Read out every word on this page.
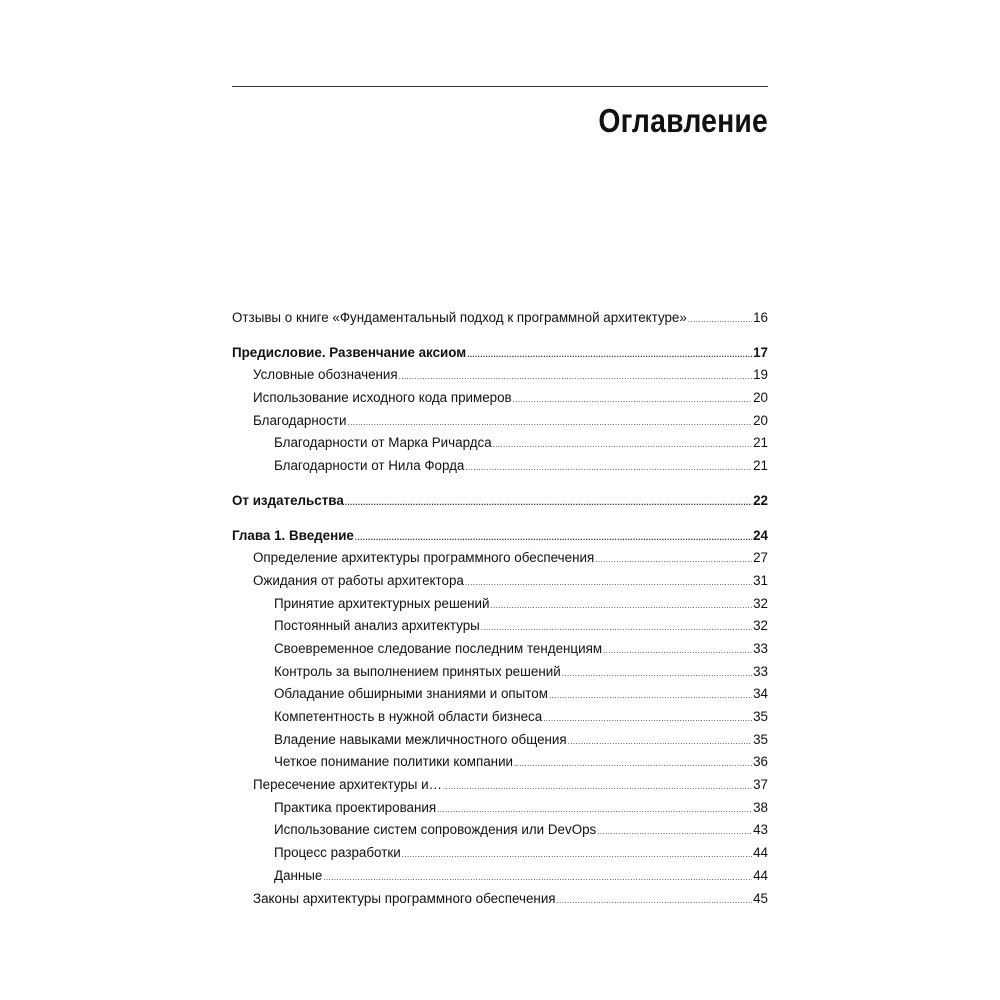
Оглавление
Отзывы о книге «Фундаментальный подход к программной архитектуре» .....	16
Предисловие. Развенчание аксиом .....	17
Условные обозначения .....	19
Использование исходного кода примеров .....	20
Благодарности .....	20
Благодарности от Марка Ричардса .....	21
Благодарности от Нила Форда .....	21
От издательства .....	22
Глава 1. Введение .....	24
Определение архитектуры программного обеспечения .....	27
Ожидания от работы архитектора .....	31
Принятие архитектурных решений .....	32
Постоянный анализ архитектуры .....	32
Своевременное следование последним тенденциям .....	33
Контроль за выполнением принятых решений .....	33
Обладание обширными знаниями и опытом .....	34
Компетентность в нужной области бизнеса .....	35
Владение навыками межличностного общения .....	35
Четкое понимание политики компании .....	36
Пересечение архитектуры и… .....	37
Практика проектирования .....	38
Использование систем сопровождения или DevOps .....	43
Процесс разработки .....	44
Данные .....	44
Законы архитектуры программного обеспечения .....	45
